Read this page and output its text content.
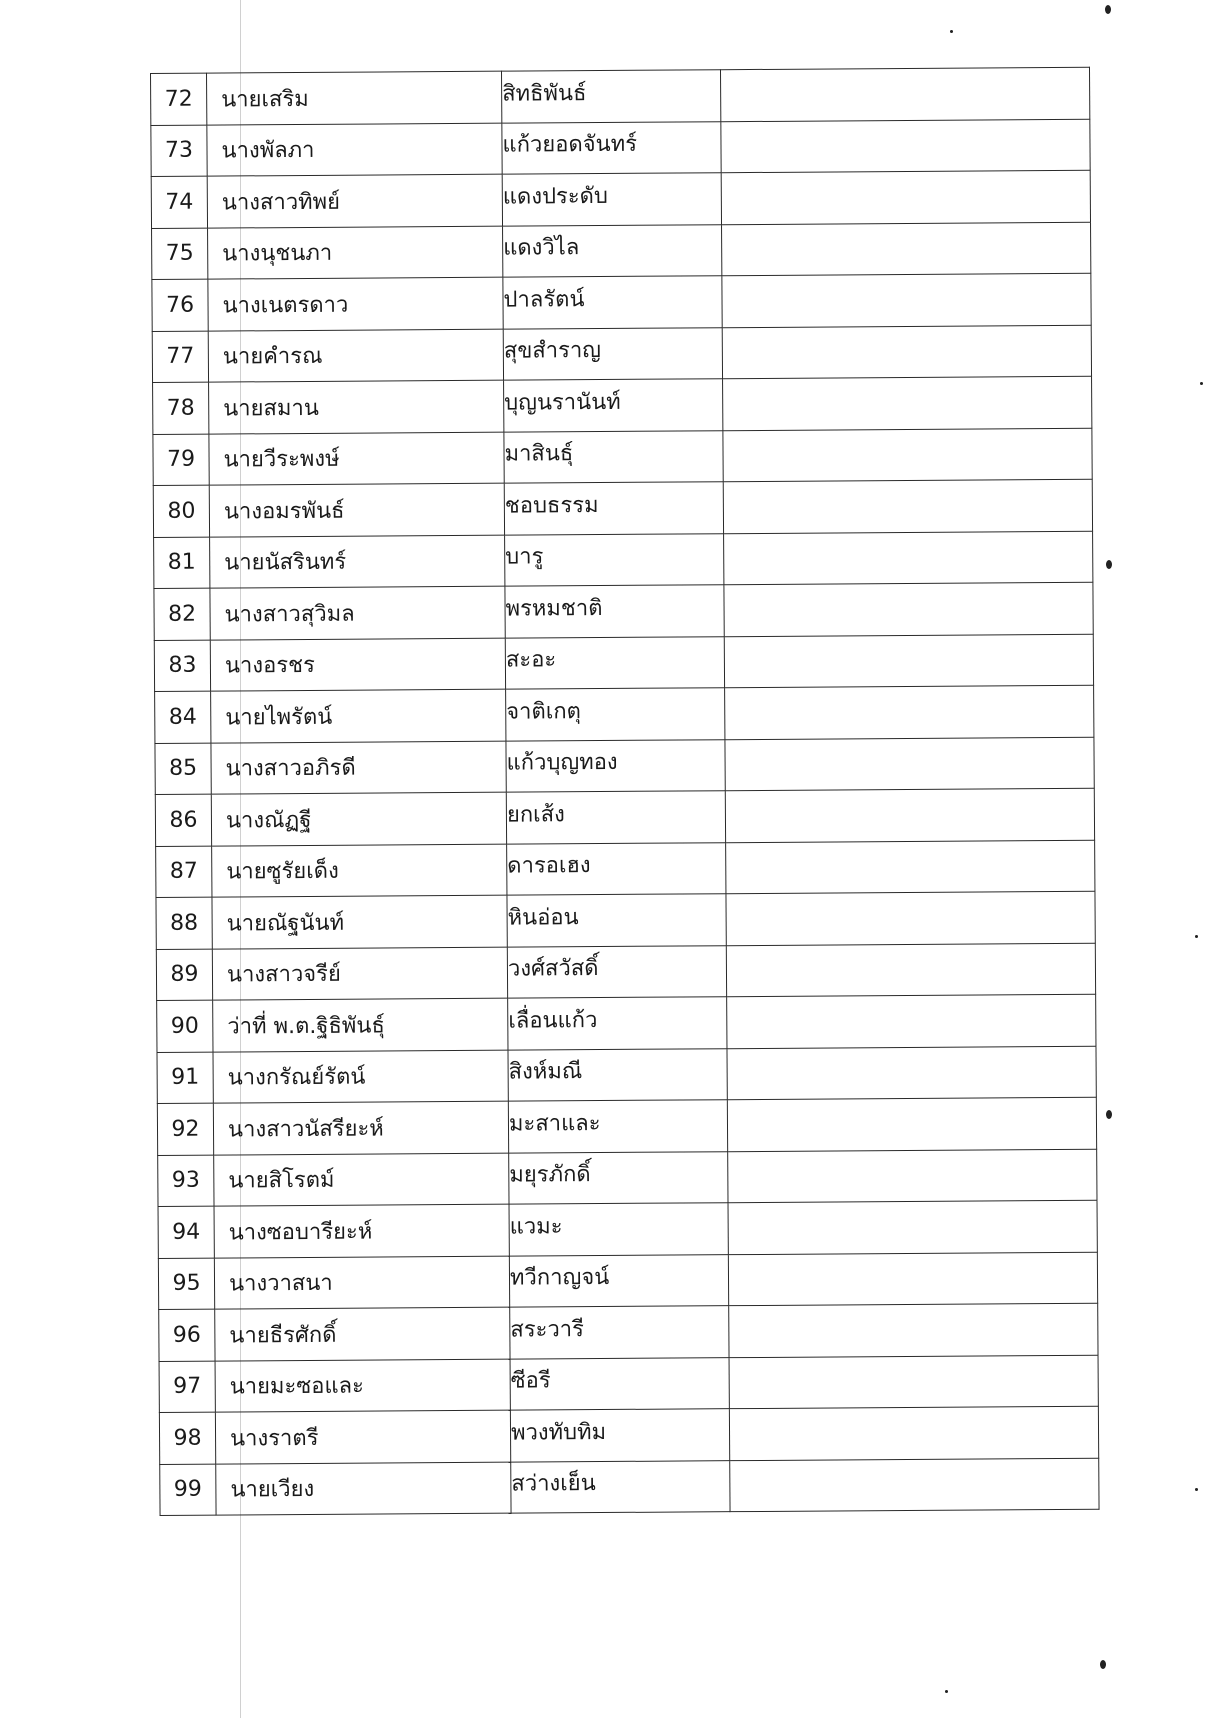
72	นายเสริม	สิทธิพันธ์	
73	นางพัลภา	แก้วยอดจันทร์	
74	นางสาวทิพย์	แดงประดับ	
75	นางนุชนภา	แดงวิไล	
76	นางเนตรดาว	ปาลรัตน์	
77	นายคำรณ	สุขสำราญ	
78	นายสมาน	บุญนรานันท์	
79	นายวีระพงษ์	มาสินธุ์	
80	นางอมรพันธ์	ชอบธรรม	
81	นายนัสรินทร์	บารู	
82	นางสาวสุวิมล	พรหมชาติ	
83	นางอรชร	สะอะ	
84	นายไพรัตน์	จาติเกตุ	
85	นางสาวอภิรดี	แก้วบุญทอง	
86	นางณัฏฐี	ยกเส้ง	
87	นายซูรัยเด็ง	ดารอเฮง	
88	นายณัฐนันท์	หินอ่อน	
89	นางสาวจรีย์	วงศ์สวัสดิ์	
90	ว่าที่ พ.ต.ฐิธิพันธุ์	เลื่อนแก้ว	
91	นางกรัณย์รัตน์	สิงห์มณี	
92	นางสาวนัสรียะห์	มะสาและ	
93	นายสิโรตม์	มยุรภักดิ์	
94	นางซอบารียะห์	แวมะ	
95	นางวาสนา	ทวีกาญจน์	
96	นายธีรศักดิ์	สระวารี	
97	นายมะซอและ	ซีอรี	
98	นางราตรี	พวงทับทิม	
99	นายเวียง	สว่างเย็น	
